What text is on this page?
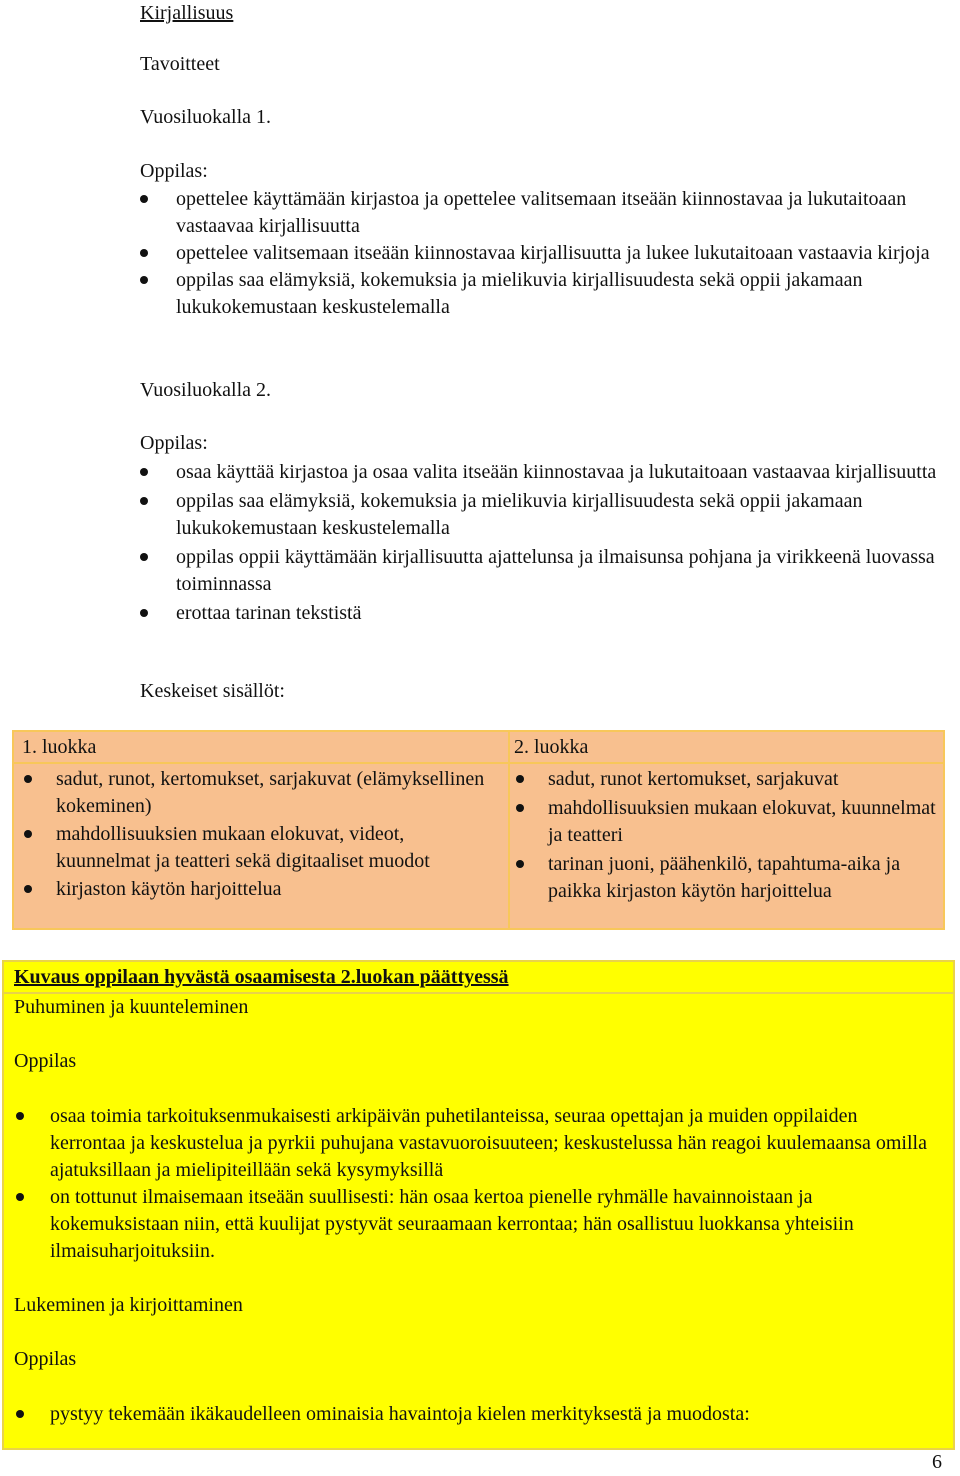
Kirjallisuus
Tavoitteet
Vuosiluokalla 1.
Oppilas:
opettelee käyttämään kirjastoa ja opettelee valitsemaan itseään kiinnostavaa ja lukutaitoaan vastaavaa kirjallisuutta
opettelee valitsemaan itseään kiinnostavaa kirjallisuutta ja lukee lukutaitoaan vastaavia kirjoja
oppilas saa elämyksiä, kokemuksia ja mielikuvia kirjallisuudesta sekä oppii jakamaan lukukokemustaan keskustelemalla
Vuosiluokalla 2.
Oppilas:
osaa käyttää kirjastoa ja osaa valita itseään kiinnostavaa ja lukutaitoaan vastaavaa kirjallisuutta
oppilas saa elämyksiä, kokemuksia ja mielikuvia kirjallisuudesta sekä oppii jakamaan lukukokemustaan keskustelemalla
oppilas oppii käyttämään kirjallisuutta ajattelunsa ja ilmaisunsa pohjana ja virikkeenä luovassa toiminnassa
erottaa tarinan tekstistä
Keskeiset sisällöt:
1. luokka	2. luokka
sadut, runot, kertomukset, sarjakuvat (elämyksellinen kokeminen)
mahdollisuuksien mukaan elokuvat, videot, kuunnelmat ja teatteri sekä digitaaliset muodot
kirjaston käytön harjoittelua
sadut, runot kertomukset, sarjakuvat
mahdollisuuksien mukaan elokuvat, kuunnelmat ja teatteri
tarinan juoni, päähenkilö, tapahtuma-aika ja paikka kirjaston käytön harjoittelua
Kuvaus oppilaan hyvästä osaamisesta 2.luokan päättyessä
Puhuminen ja kuunteleminen
Oppilas
osaa toimia tarkoituksenmukaisesti arkipäivän puhetilanteissa, seuraa opettajan ja muiden oppilaiden kerrontaa ja keskustelua ja pyrkii puhujana vastavuoroisuuteen; keskustelussa hän reagoi kuulemaansa omilla ajatuksillaan ja mielipiteillään sekä kysymyksillä
on tottunut ilmaisemaan itseään suullisesti: hän osaa kertoa pienelle ryhmälle havainnoistaan ja kokemuksistaan niin, että kuulijat pystyvät seuraamaan kerrontaa; hän osallistuu luokkansa yhteisiin ilmaisuharjoituksiin.
Lukeminen ja kirjoittaminen
Oppilas
pystyy tekemään ikäkaudelleen ominaisia havaintoja kielen merkityksestä ja muodosta:
6
